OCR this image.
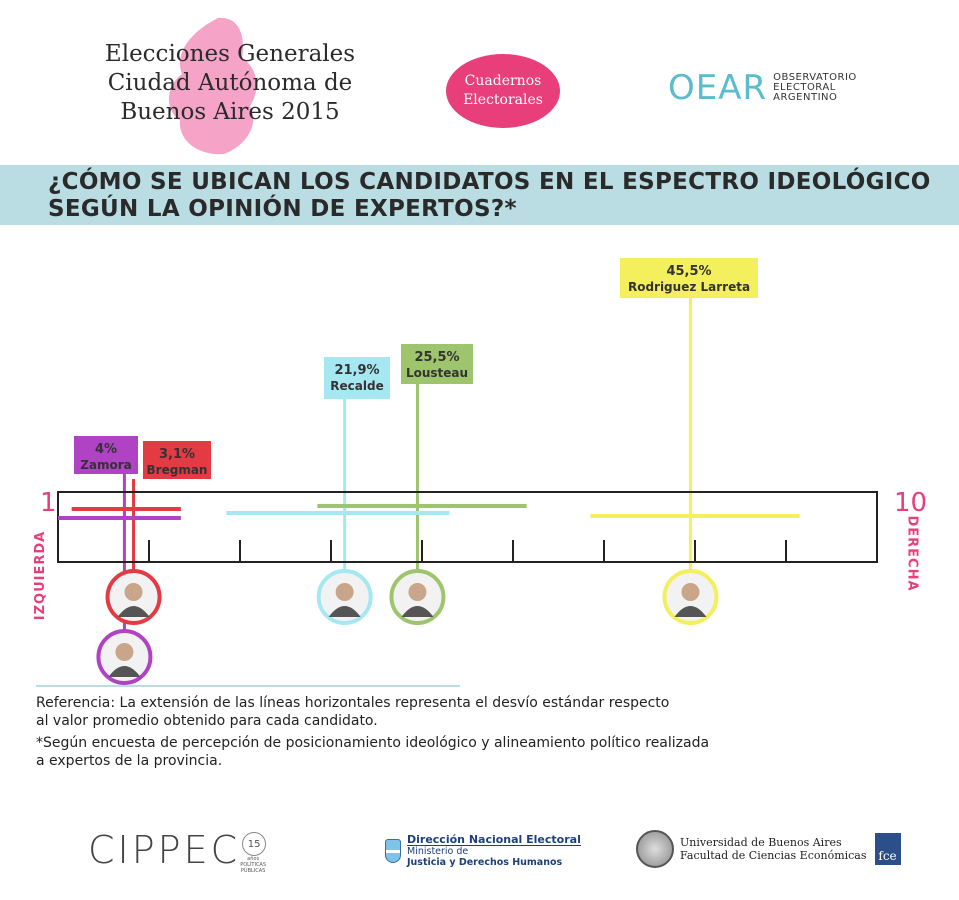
Elecciones Generales
Ciudad Autónoma de
Buenos Aires 2015
Cuadernos
Electorales	OEAR OBSERVATORIO
ELECTORAL
ARGENTINO
¿CÓMO SE UBICAN LOS CANDIDATOS EN EL ESPECTRO IDEOLÓGICO
SEGÚN LA OPINIÓN DE EXPERTOS?*
1	10
IZQUIERDA	DERECHA
4%
Zamora
3,1%
Bregman
21,9%
Recalde
25,5%
Lousteau
45,5%
Rodriguez Larreta
Referencia: La extensión de las líneas horizontales representa el desvío estándar respecto
al valor promedio obtenido para cada candidato.
*Según encuesta de percepción de posicionamiento ideológico y alineamiento político realizada
a expertos de la provincia.
CIPPEC 15
años
POLÍTICAS
PÚBLICAS
Dirección Nacional Electoral
Ministerio de
Justicia y Derechos Humanos
Universidad de Buenos Aires
Facultad de Ciencias Económicas fce
